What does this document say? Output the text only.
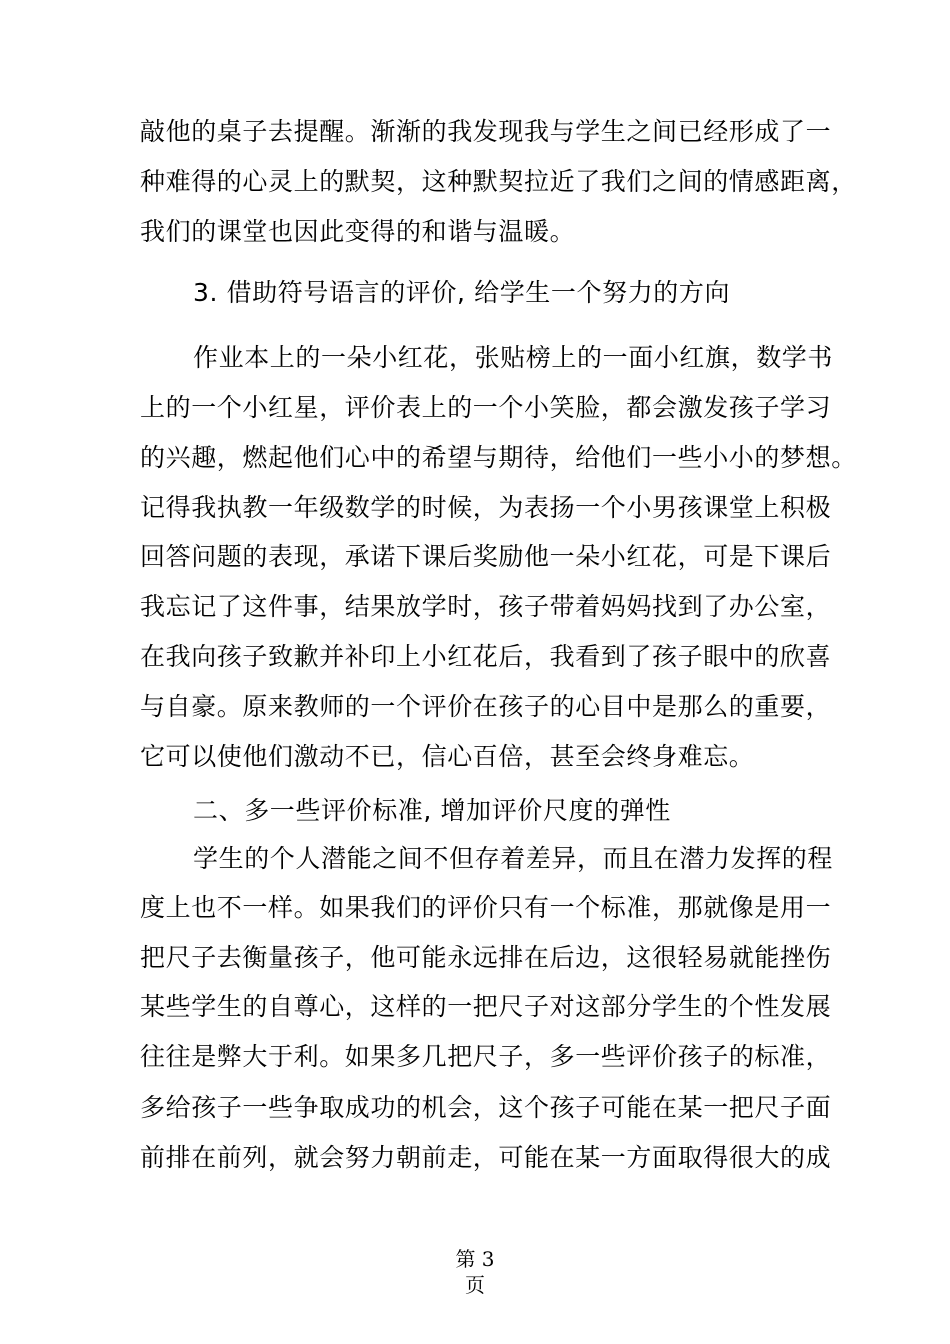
敲他的桌子去提醒。渐渐的我发现我与学生之间已经形成了一
种难得的心灵上的默契，这种默契拉近了我们之间的情感距离，
我们的课堂也因此变得的和谐与温暖。
3. 借助符号语言的评价, 给学生一个努力的方向
作业本上的一朵小红花，张贴榜上的一面小红旗，数学书
上的一个小红星，评价表上的一个小笑脸，都会激发孩子学习
的兴趣，燃起他们心中的希望与期待，给他们一些小小的梦想。
记得我执教一年级数学的时候，为表扬一个小男孩课堂上积极
回答问题的表现，承诺下课后奖励他一朵小红花，可是下课后
我忘记了这件事，结果放学时，孩子带着妈妈找到了办公室，
在我向孩子致歉并补印上小红花后，我看到了孩子眼中的欣喜
与自豪。原来教师的一个评价在孩子的心目中是那么的重要，
它可以使他们激动不已，信心百倍，甚至会终身难忘。
二、多一些评价标准, 增加评价尺度的弹性
学生的个人潜能之间不但存着差异，而且在潜力发挥的程
度上也不一样。如果我们的评价只有一个标准，那就像是用一
把尺子去衡量孩子，他可能永远排在后边，这很轻易就能挫伤
某些学生的自尊心，这样的一把尺子对这部分学生的个性发展
往往是弊大于利。如果多几把尺子，多一些评价孩子的标准，
多给孩子一些争取成功的机会，这个孩子可能在某一把尺子面
前排在前列，就会努力朝前走，可能在某一方面取得很大的成
第 3
页
